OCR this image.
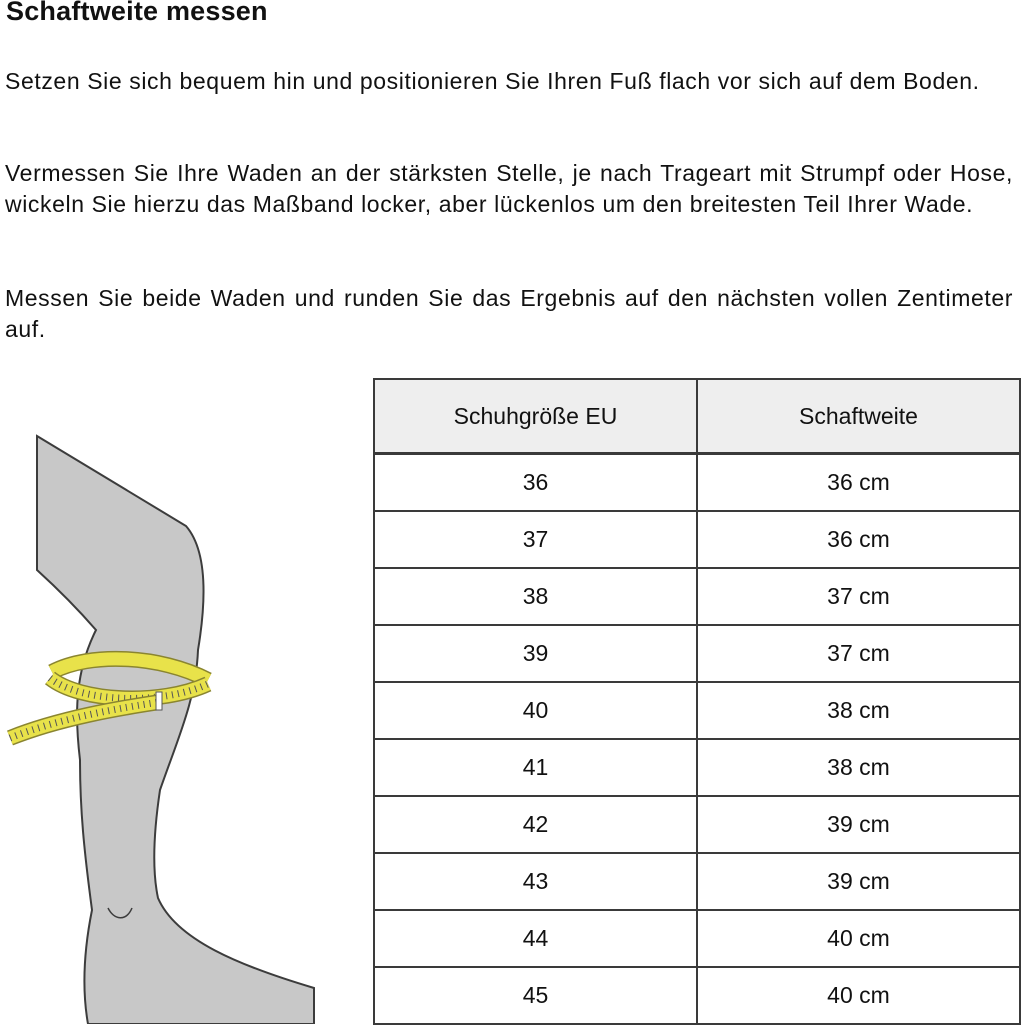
Schaftweite messen

Setzen Sie sich bequem hin und positionieren Sie Ihren Fuß flach vor sich auf dem Boden.

Vermessen Sie Ihre Waden an der stärksten Stelle, je nach Trageart mit Strumpf oder Hose, wickeln Sie hierzu das Maßband locker, aber lückenlos um den breitesten Teil Ihrer Wade.

Messen Sie beide Waden und runden Sie das Ergebnis auf den nächsten vollen Zentimeter auf.

Schuhgröße EU	Schaftweite
36	36 cm
37	36 cm
38	37 cm
39	37 cm
40	38 cm
41	38 cm
42	39 cm
43	39 cm
44	40 cm
45	40 cm
